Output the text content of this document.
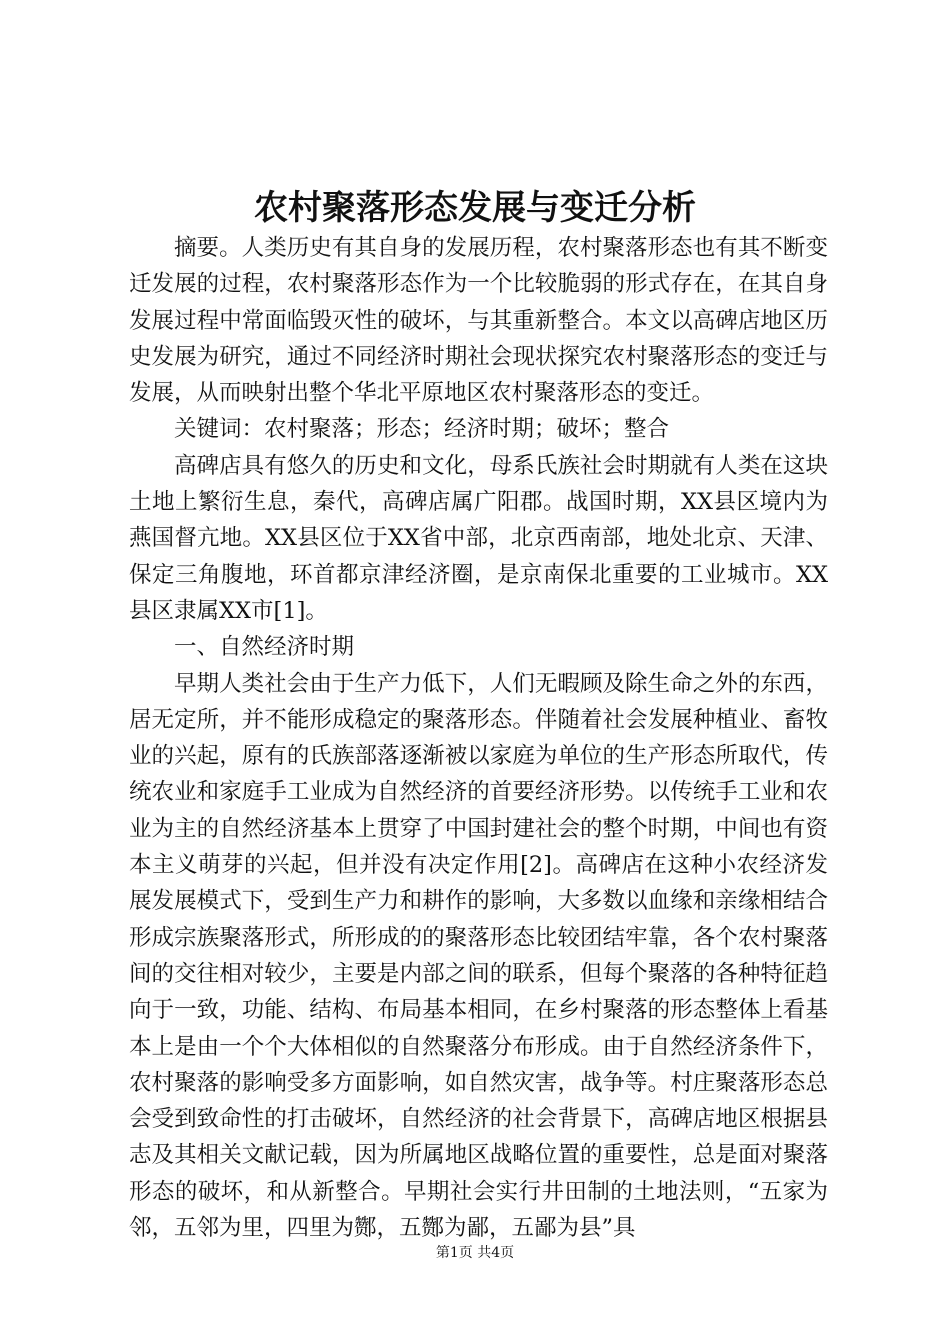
农村聚落形态发展与变迁分析

摘要。人类历史有其自身的发展历程，农村聚落形态也有其不断变迁发展的过程，农村聚落形态作为一个比较脆弱的形式存在，在其自身发展过程中常面临毁灭性的破坏，与其重新整合。本文以高碑店地区历史发展为研究，通过不同经济时期社会现状探究农村聚落形态的变迁与发展，从而映射出整个华北平原地区农村聚落形态的变迁。

关键词：农村聚落；形态；经济时期；破坏；整合

高碑店具有悠久的历史和文化，母系氏族社会时期就有人类在这块土地上繁衍生息，秦代，高碑店属广阳郡。战国时期，XX县区境内为燕国督亢地。XX县区位于XX省中部，北京西南部，地处北京、天津、保定三角腹地，环首都京津经济圈，是京南保北重要的工业城市。XX县区隶属XX市[1]。

一、自然经济时期

早期人类社会由于生产力低下，人们无暇顾及除生命之外的东西，居无定所，并不能形成稳定的聚落形态。伴随着社会发展种植业、畜牧业的兴起，原有的氏族部落逐渐被以家庭为单位的生产形态所取代，传统农业和家庭手工业成为自然经济的首要经济形势。以传统手工业和农业为主的自然经济基本上贯穿了中国封建社会的整个时期，中间也有资本主义萌芽的兴起，但并没有决定作用[2]。高碑店在这种小农经济发展发展模式下，受到生产力和耕作的影响，大多数以血缘和亲缘相结合形成宗族聚落形式，所形成的的聚落形态比较团结牢靠，各个农村聚落间的交往相对较少，主要是内部之间的联系，但每个聚落的各种特征趋向于一致，功能、结构、布局基本相同，在乡村聚落的形态整体上看基本上是由一个个大体相似的自然聚落分布形成。由于自然经济条件下，农村聚落的影响受多方面影响，如自然灾害，战争等。村庄聚落形态总会受到致命性的打击破坏，自然经济的社会背景下，高碑店地区根据县志及其相关文献记载，因为所属地区战略位置的重要性，总是面对聚落形态的破坏，和从新整合。早期社会实行井田制的土地法则，“五家为邻，五邻为里，四里为酂，五酂为鄙，五鄙为县”具

第1页 共4页
